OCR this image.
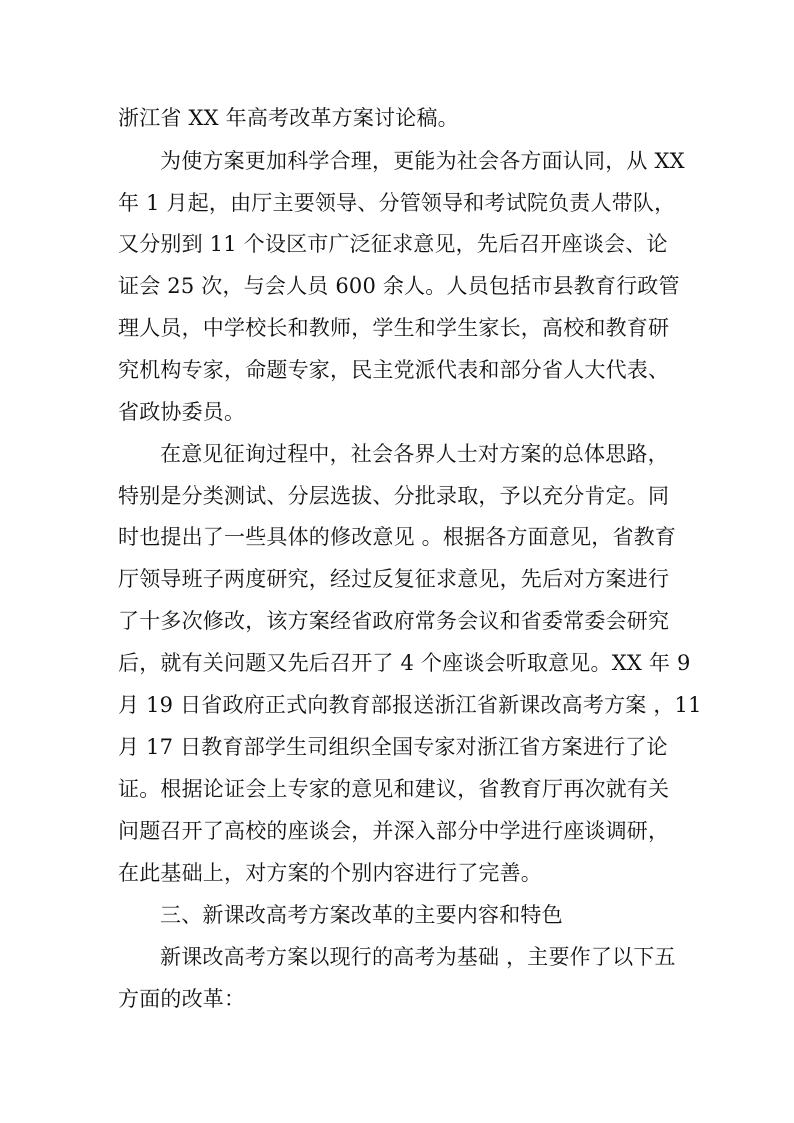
浙江省 XX 年高考改革方案讨论稿。
为使方案更加科学合理，更能为社会各方面认同，从 XX
年 1 月起，由厅主要领导、分管领导和考试院负责人带队，
又分别到 11 个设区市广泛征求意见，先后召开座谈会、论
证会 25 次，与会人员 600 余人。人员包括市县教育行政管
理人员，中学校长和教师，学生和学生家长，高校和教育研
究机构专家，命题专家，民主党派代表和部分省人大代表、
省政协委员。
在意见征询过程中，社会各界人士对方案的总体思路，
特别是分类测试、分层选拔、分批录取，予以充分肯定。同
时也提出了一些具体的修改意见 。根据各方面意见，省教育
厅领导班子两度研究，经过反复征求意见，先后对方案进行
了十多次修改，该方案经省政府常务会议和省委常委会研究
后，就有关问题又先后召开了 4 个座谈会听取意见。XX 年 9
月 19 日省政府正式向教育部报送浙江省新课改高考方案 ，11
月 17 日教育部学生司组织全国专家对浙江省方案进行了论
证。根据论证会上专家的意见和建议，省教育厅再次就有关
问题召开了高校的座谈会，并深入部分中学进行座谈调研，
在此基础上，对方案的个别内容进行了完善。
三、新课改高考方案改革的主要内容和特色
新课改高考方案以现行的高考为基础 ，主要作了以下五
方面的改革：
